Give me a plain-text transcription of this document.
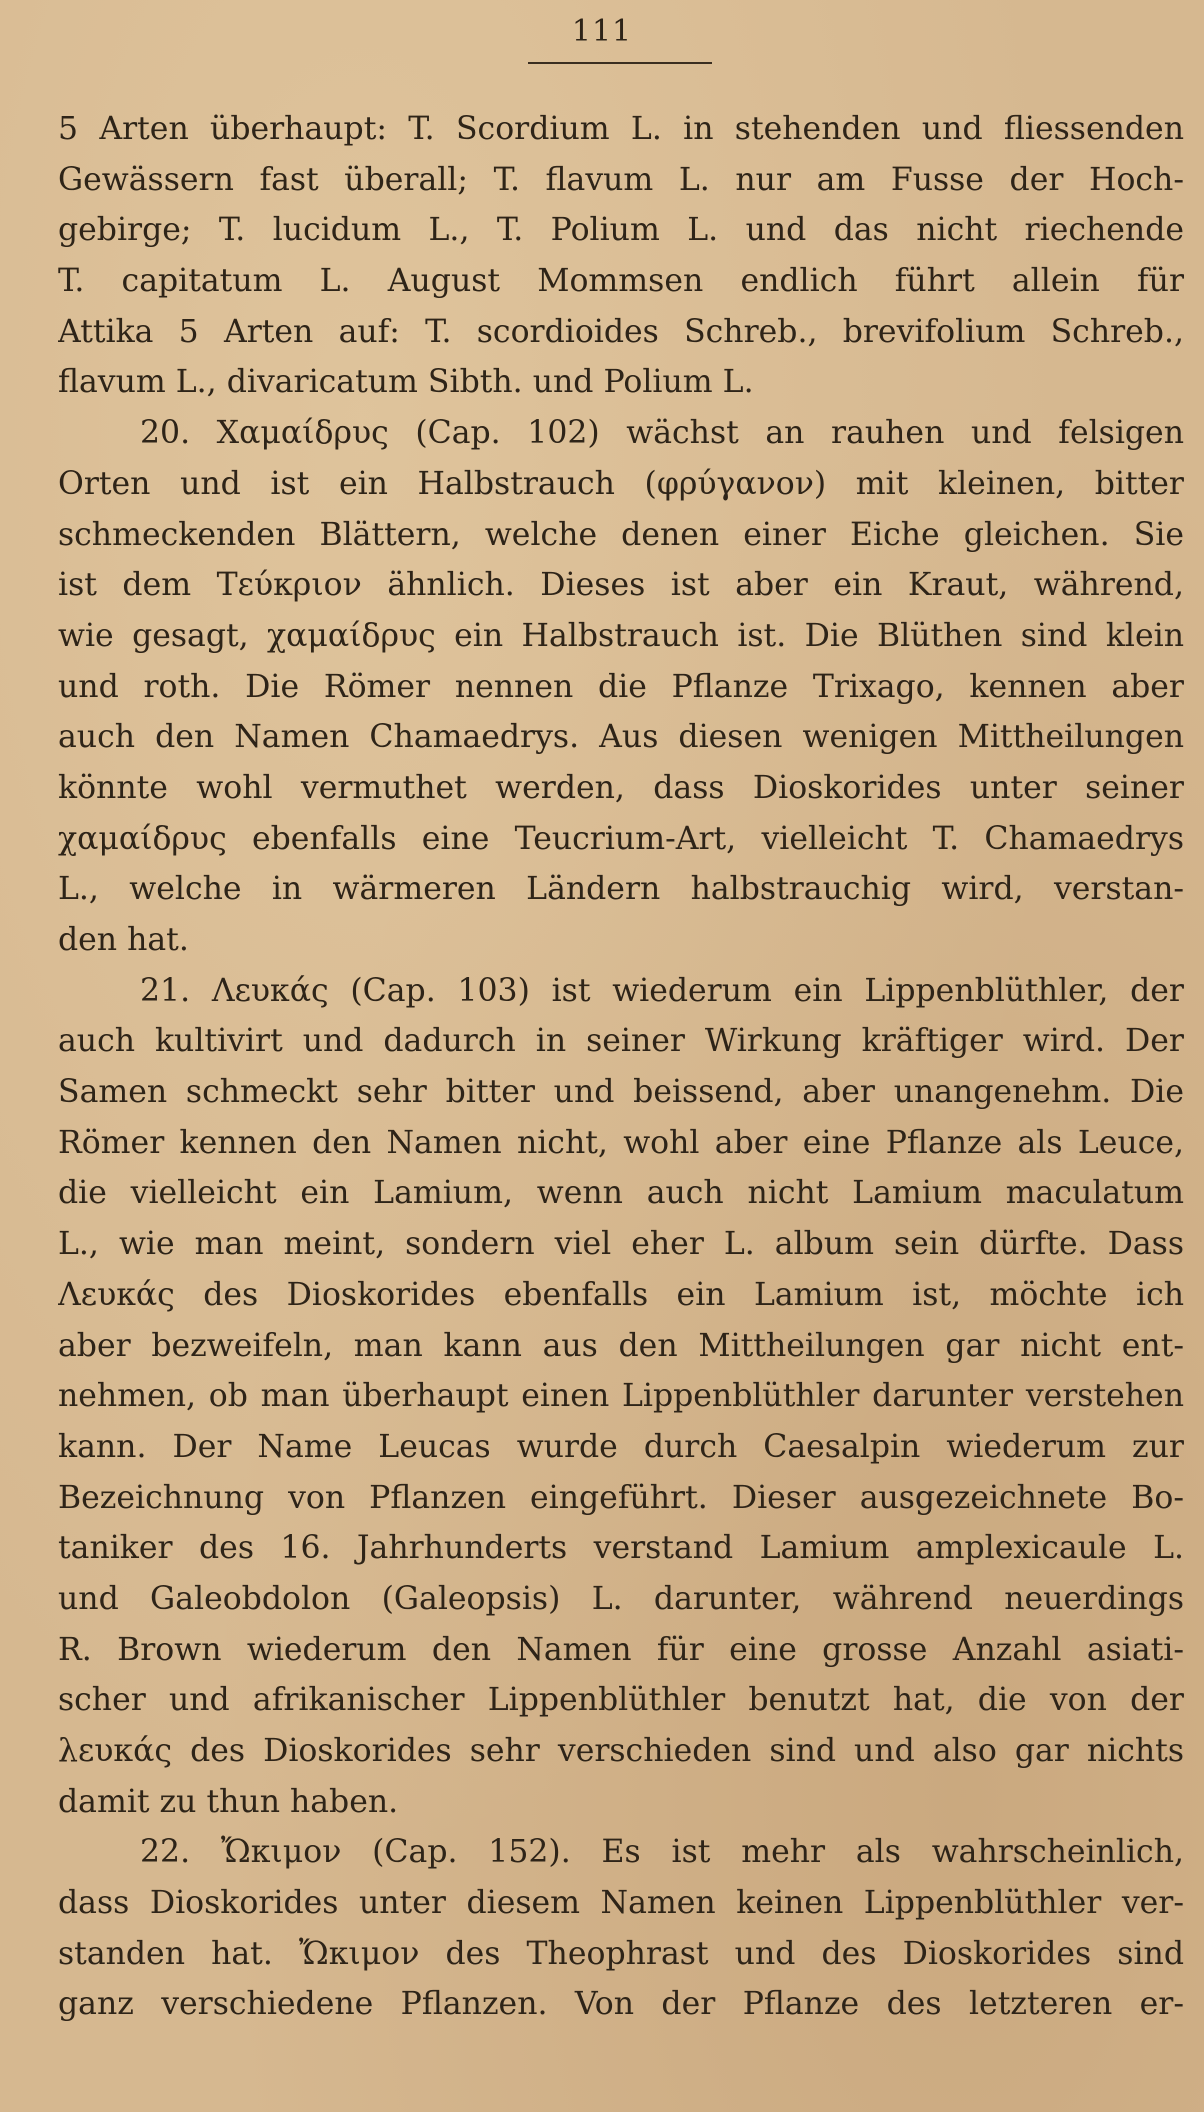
111
5 Arten überhaupt: T. Scordium L. in stehenden und fliessenden
Gewässern fast überall; T. flavum L. nur am Fusse der Hoch-
gebirge; T. lucidum L., T. Polium L. und das nicht riechende
T. capitatum L. August Mommsen endlich führt allein für
Attika 5 Arten auf: T. scordioides Schreb., brevifolium Schreb.,
flavum L., divaricatum Sibth. und Polium L.
20. Χαμαίδρυς (Cap. 102) wächst an rauhen und felsigen
Orten und ist ein Halbstrauch (φρύγανον) mit kleinen, bitter
schmeckenden Blättern, welche denen einer Eiche gleichen. Sie
ist dem Τεύκριον ähnlich. Dieses ist aber ein Kraut, während,
wie gesagt, χαμαίδρυς ein Halbstrauch ist. Die Blüthen sind klein
und roth. Die Römer nennen die Pflanze Trixago, kennen aber
auch den Namen Chamaedrys. Aus diesen wenigen Mittheilungen
könnte wohl vermuthet werden, dass Dioskorides unter seiner
χαμαίδρυς ebenfalls eine Teucrium-Art, vielleicht T. Chamaedrys
L., welche in wärmeren Ländern halbstrauchig wird, verstan-
den hat.
21. Λευκάς (Cap. 103) ist wiederum ein Lippenblüthler, der
auch kultivirt und dadurch in seiner Wirkung kräftiger wird. Der
Samen schmeckt sehr bitter und beissend, aber unangenehm. Die
Römer kennen den Namen nicht, wohl aber eine Pflanze als Leuce,
die vielleicht ein Lamium, wenn auch nicht Lamium maculatum
L., wie man meint, sondern viel eher L. album sein dürfte. Dass
Λευκάς des Dioskorides ebenfalls ein Lamium ist, möchte ich
aber bezweifeln, man kann aus den Mittheilungen gar nicht ent-
nehmen, ob man überhaupt einen Lippenblüthler darunter verstehen
kann. Der Name Leucas wurde durch Caesalpin wiederum zur
Bezeichnung von Pflanzen eingeführt. Dieser ausgezeichnete Bo-
taniker des 16. Jahrhunderts verstand Lamium amplexicaule L.
und Galeobdolon (Galeopsis) L. darunter, während neuerdings
R. Brown wiederum den Namen für eine grosse Anzahl asiati-
scher und afrikanischer Lippenblüthler benutzt hat, die von der
λευκάς des Dioskorides sehr verschieden sind und also gar nichts
damit zu thun haben.
22. Ὤκιμον (Cap. 152). Es ist mehr als wahrscheinlich,
dass Dioskorides unter diesem Namen keinen Lippenblüthler ver-
standen hat. Ὤκιμον des Theophrast und des Dioskorides sind
ganz verschiedene Pflanzen. Von der Pflanze des letzteren er-
